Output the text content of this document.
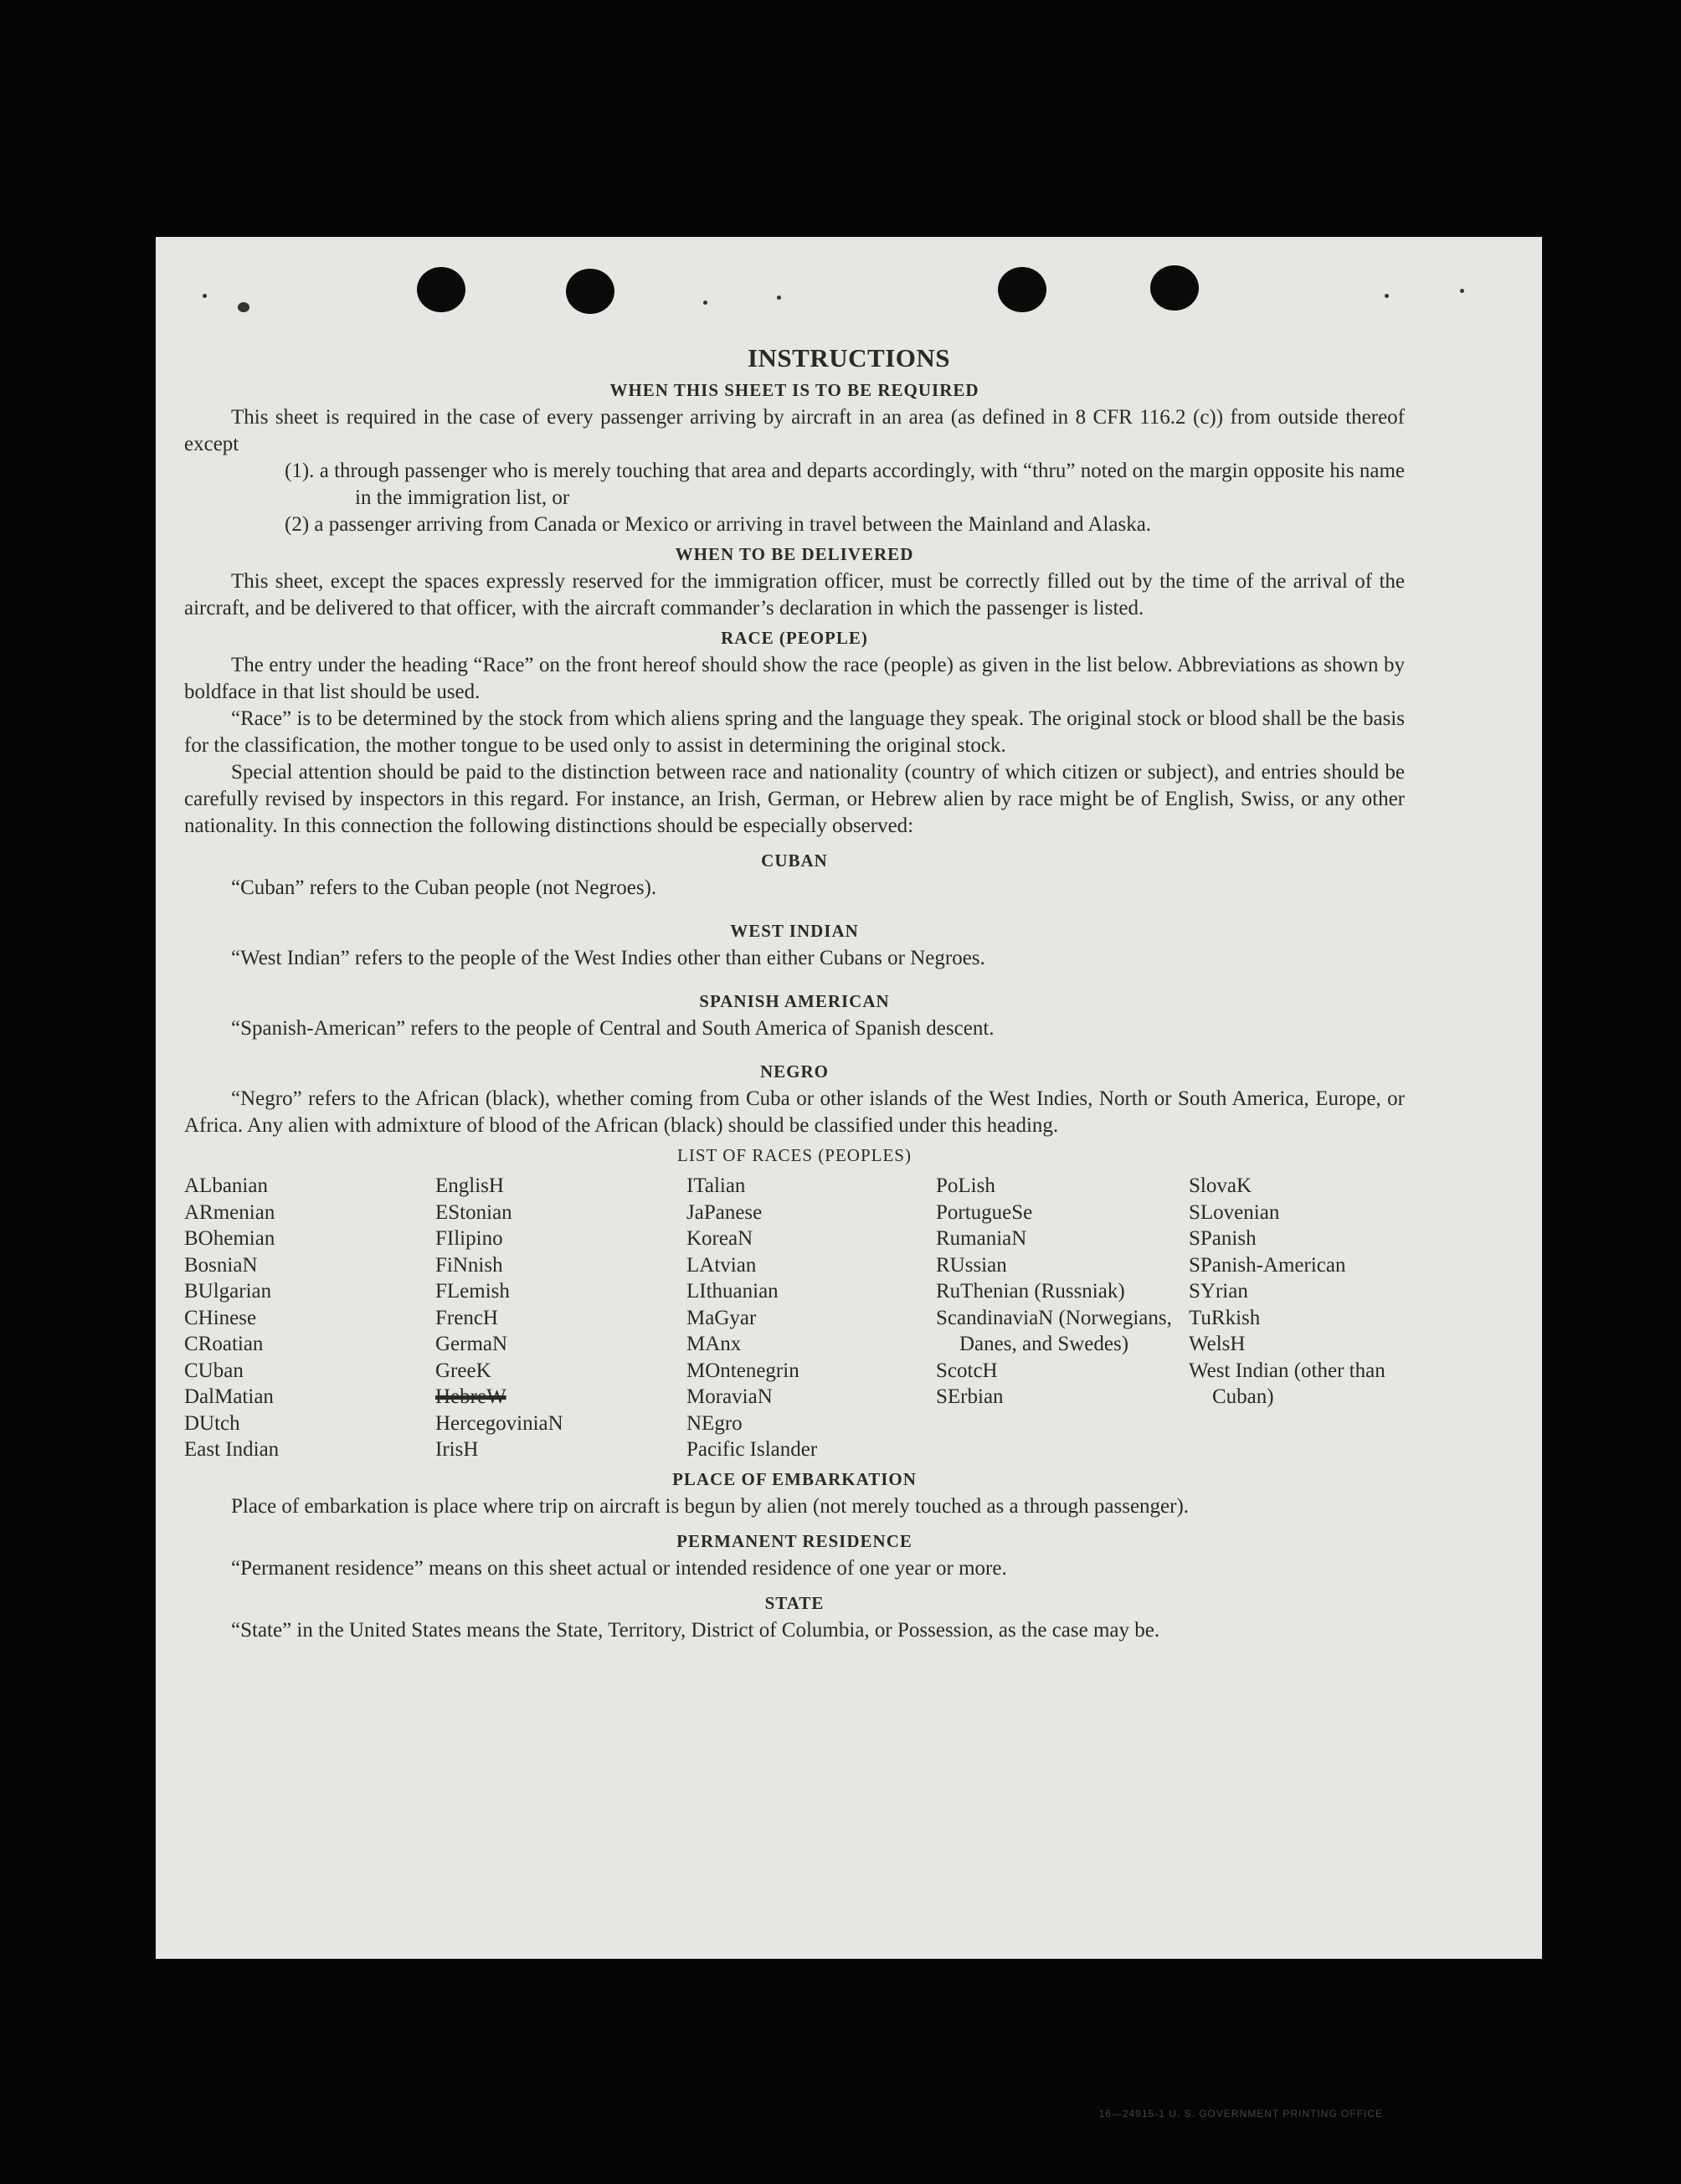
INSTRUCTIONS
WHEN THIS SHEET IS TO BE REQUIRED

This sheet is required in the case of every passenger arriving by aircraft in an area (as defined in 8 CFR 116.2 (c)) from outside thereof except

(1). a through passenger who is merely touching that area and departs accordingly, with “thru” noted on the margin opposite his name in the immigration list, or

(2) a passenger arriving from Canada or Mexico or arriving in travel between the Mainland and Alaska.

WHEN TO BE DELIVERED

This sheet, except the spaces expressly reserved for the immigration officer, must be correctly filled out by the time of the arrival of the aircraft, and be delivered to that officer, with the aircraft commander’s declaration in which the passenger is listed.

RACE (PEOPLE)

The entry under the heading “Race” on the front hereof should show the race (people) as given in the list below. Abbreviations as shown by boldface in that list should be used.

“Race” is to be determined by the stock from which aliens spring and the language they speak. The original stock or blood shall be the basis for the classification, the mother tongue to be used only to assist in determining the original stock.

Special attention should be paid to the distinction between race and nationality (country of which citizen or subject), and entries should be carefully revised by inspectors in this regard. For instance, an Irish, German, or Hebrew alien by race might be of English, Swiss, or any other nationality. In this connection the following distinctions should be especially observed:

CUBAN

“Cuban” refers to the Cuban people (not Negroes).

WEST INDIAN

“West Indian” refers to the people of the West Indies other than either Cubans or Negroes.

SPANISH AMERICAN

“Spanish-American” refers to the people of Central and South America of Spanish descent.

NEGRO

“Negro” refers to the African (black), whether coming from Cuba or other islands of the West Indies, North or South America, Europe, or Africa. Any alien with admixture of blood of the African (black) should be classified under this heading.

LIST OF RACES (PEOPLES)
ALbanian
ARmenian
BOhemian
BosniaN
BUlgarian
CHinese
CRoatian
CUban
DalMatian
DUtch
East Indian
EnglisH
EStonian
FIlipino
FiNnish
FLemish
FrencH
GermaN
GreeK
HebreW
HercegoviniaN
IrisH
ITalian
JaPanese
KoreaN
LAtvian
LIthuanian
MaGyar
MAnx
MOntenegrin
MoraviaN
NEgro
Pacific Islander
PoLish
PortugueSe
RumaniaN
RUssian
RuThenian (Russniak)
ScandinaviaN (Norwegians, Danes, and Swedes)
ScotcH
SErbian
SlovaK
SLovenian
SPanish
SPanish-American
SYrian
TuRkish
WelsH
West Indian (other than Cuban)
PLACE OF EMBARKATION

Place of embarkation is place where trip on aircraft is begun by alien (not merely touched as a through passenger).

PERMANENT RESIDENCE

“Permanent residence” means on this sheet actual or intended residence of one year or more.

STATE

“State” in the United States means the State, Territory, District of Columbia, or Possession, as the case may be.

16—24915-1 U. S. GOVERNMENT PRINTING OFFICE
